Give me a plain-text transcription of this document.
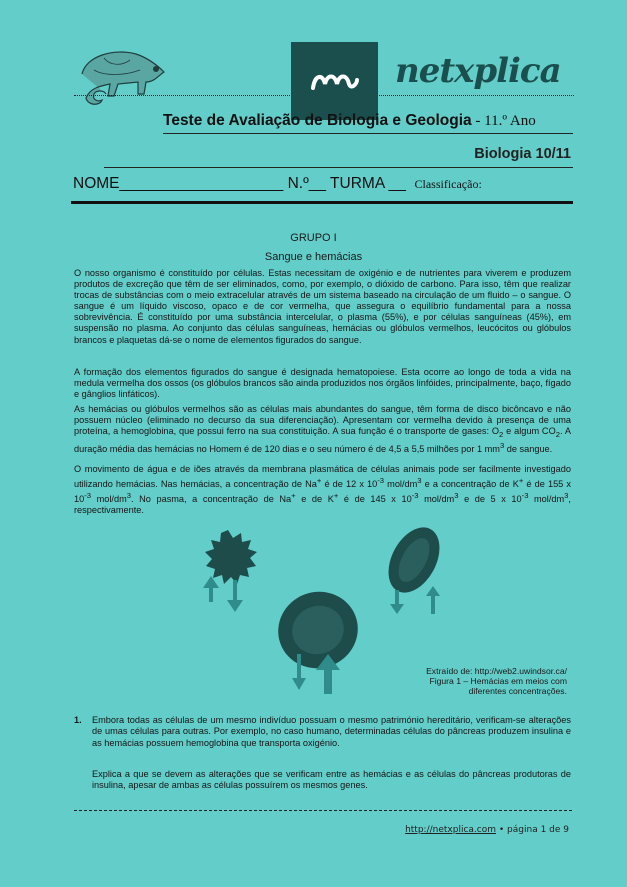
netxplica
Teste de Avaliação de Biologia e Geologia - 11.º Ano
Biologia 10/11
NOME___________________ N.º__ TURMA __ Classificação:
GRUPO I
Sangue e hemácias
O nosso organismo é constituído por células. Estas necessitam de oxigénio e de nutrientes para viverem e produzem produtos de excreção que têm de ser eliminados, como, por exemplo, o dióxido de carbono. Para isso, têm que realizar trocas de substâncias com o meio extracelular através de um sistema baseado na circulação de um fluido – o sangue. O sangue é um líquido viscoso, opaco e de cor vermelha, que assegura o equilíbrio fundamental para a nossa sobrevivência. É constituído por uma substância intercelular, o plasma (55%), e por células sanguíneas (45%), em suspensão no plasma. Ao conjunto das células sanguíneas, hemácias ou glóbulos vermelhos, leucócitos ou glóbulos brancos e plaquetas dá-se o nome de elementos figurados do sangue.
A formação dos elementos figurados do sangue é designada hematopoiese. Esta ocorre ao longo de toda a vida na medula vermelha dos ossos (os glóbulos brancos são ainda produzidos nos órgãos linfóides, principalmente, baço, fígado e gânglios linfáticos).
As hemácias ou glóbulos vermelhos são as células mais abundantes do sangue, têm forma de disco bicôncavo e não possuem núcleo (eliminado no decurso da sua diferenciação). Apresentam cor vermelha devido à presença de uma proteína, a hemoglobina, que possui ferro na sua constituição. A sua função é o transporte de gases: $O_2$ e algum $CO_2$. A duração média das hemácias no Homem é de 120 dias e o seu número é de 4,5 a 5,5 milhões por 1 $mm^3$ de sangue.
O movimento de água e de iões através da membrana plasmática de células animais pode ser facilmente investigado utilizando hemácias. Nas hemácias, a concentração de Na+ é de 12 x $10^{-3}$ mol/$dm^3$ e a concentração de K+ é de 155 x $10^{-3}$ mol/$dm^3$. No pasma, a concentração de Na+ e de K+ é de 145 x $10^{-3}$ mol/$dm^3$ e de 5 x $10^{-3}$ mol/$dm^3$, respectivamente.
Extraído de: http://web2.uwindsor.ca/
Figura 1 – Hemácias em meios com
diferentes concentrações.
1. Embora todas as células de um mesmo indivíduo possuam o mesmo património hereditário, verificam-se alterações de umas células para outras. Por exemplo, no caso humano, determinadas células do pâncreas produzem insulina e as hemácias possuem hemoglobina que transporta oxigénio.
Explica a que se devem as alterações que se verificam entre as hemácias e as células do pâncreas produtoras de insulina, apesar de ambas as células possuírem os mesmos genes.
http://netxplica.com • página 1 de 9
